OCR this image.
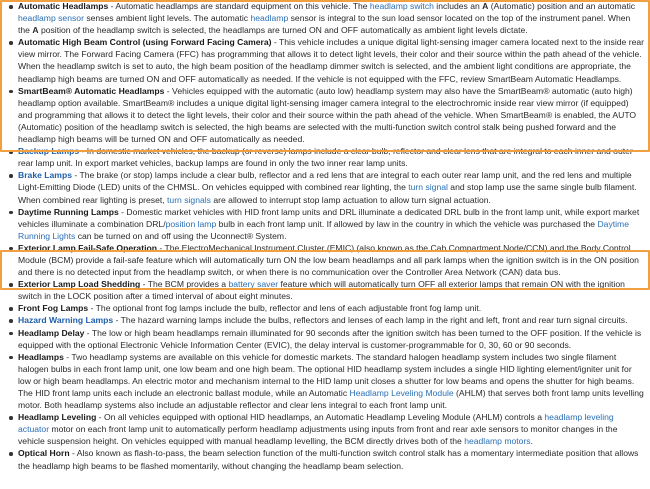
Automatic Headlamps - Automatic headlamps are standard equipment on this vehicle. The headlamp switch includes an A (Automatic) position and an automatic headlamp sensor senses ambient light levels. The automatic headlamp sensor is integral to the sun load sensor located on the top of the instrument panel. When the A position of the headlamp switch is selected, the headlamps are turned ON and OFF automatically as ambient light levels dictate.
Automatic High Beam Control (using Forward Facing Camera) - This vehicle includes a unique digital light-sensing imager camera located next to the inside rear view mirror. The Forward Facing Camera (FFC) has programming that allows it to detect light levels, their color and their source within the path ahead of the vehicle. When the headlamp switch is set to auto, the high beam position of the headlamp dimmer switch is selected, and the ambient light conditions are appropriate, the headlamp high beams are turned ON and OFF automatically as needed. If the vehicle is not equipped with the FFC, review SmartBeam Automatic Headlamps.
SmartBeam® Automatic Headlamps - Vehicles equipped with the automatic (auto low) headlamp system may also have the SmartBeam® automatic (auto high) headlamp option available. SmartBeam® includes a unique digital light-sensing imager camera integral to the electrochromic inside rear view mirror (if equipped) and programming that allows it to detect the light levels, their color and their source within the path ahead of the vehicle. When SmartBeam® is enabled, the AUTO (Automatic) position of the headlamp switch is selected, the high beams are selected with the multi-function switch control stalk being pushed forward and the headlamp high beams will be turned ON and OFF automatically as needed.
Backup Lamps - In domestic market vehicles, the backup (or reverse) lamps include a clear bulb, reflector and clear lens that are integral to each inner and outer rear lamp unit. In export market vehicles, backup lamps are found in only the two inner rear lamp units.
Brake Lamps - The brake (or stop) lamps include a clear bulb, reflector and a red lens that are integral to each outer rear lamp unit, and the red lens and multiple Light-Emitting Diode (LED) units of the CHMSL. On vehicles equipped with combined rear lighting, the turn signal and stop lamp use the same single bulb filament. When combined rear lighting is preset, turn signals are allowed to interrupt stop lamp actuation to allow turn signal actuation.
Daytime Running Lamps - Domestic market vehicles with HID front lamp units and DRL illuminate a dedicated DRL bulb in the front lamp unit, while export market vehicles illuminate a combination DRL/position lamp bulb in each front lamp unit. If allowed by law in the country in which the vehicle was purchased the Daytime Running Lights can be turned on and off using the Uconnect® System.
Exterior Lamp Fail-Safe Operation - The ElectroMechanical Instrument Cluster (EMIC) (also known as the Cab Compartment Node/CCN) and the Body Control Module (BCM) provide a fail-safe feature which will automatically turn ON the low beam headlamps and all park lamps when the ignition switch is in the ON position and there is no detected input from the headlamp switch, or when there is no communication over the Controller Area Network (CAN) data bus.
Exterior Lamp Load Shedding - The BCM provides a battery saver feature which will automatically turn OFF all exterior lamps that remain ON with the ignition switch in the LOCK position after a timed interval of about eight minutes.
Front Fog Lamps - The optional front fog lamps include the bulb, reflector and lens of each adjustable front fog lamp unit.
Hazard Warning Lamps - The hazard warning lamps include the bulbs, reflectors and lenses of each lamp in the right and left, front and rear turn signal circuits.
Headlamp Delay - The low or high beam headlamps remain illuminated for 90 seconds after the ignition switch has been turned to the OFF position. If the vehicle is equipped with the optional Electronic Vehicle Information Center (EVIC), the delay interval is customer-programmable for 0, 30, 60 or 90 seconds.
Headlamps - Two headlamp systems are available on this vehicle for domestic markets. The standard halogen headlamp system includes two single filament halogen bulbs in each front lamp unit, one low beam and one high beam. The optional HID headlamp system includes a single HID lighting element/igniter unit for low or high beam headlamps. An electric motor and mechanism internal to the HID lamp unit closes a shutter for low beams and opens the shutter for high beams. The HID front lamp units each include an electronic ballast module, while an Automatic Headlamp Leveling Module (AHLM) that serves both front lamp units levelling motor. Both headlamp systems also include an adjustable reflector and clear lens integral to each front lamp unit.
Headlamp Leveling - On all vehicles equipped with optional HID headlamps, an Automatic Headlamp Leveling Module (AHLM) controls a headlamp leveling actuator motor on each front lamp unit to automatically perform headlamp adjustments using inputs from front and rear axle sensors to monitor changes in the vehicle suspension height. On vehicles equipped with manual headlamp levelling, the BCM directly drives both of the headlamp motors.
Optical Horn - Also known as flash-to-pass, the beam selection function of the multi-function switch control stalk has a momentary intermediate position that allows the headlamp high beams to be flashed momentarily, without changing the headlamp beam selection.
